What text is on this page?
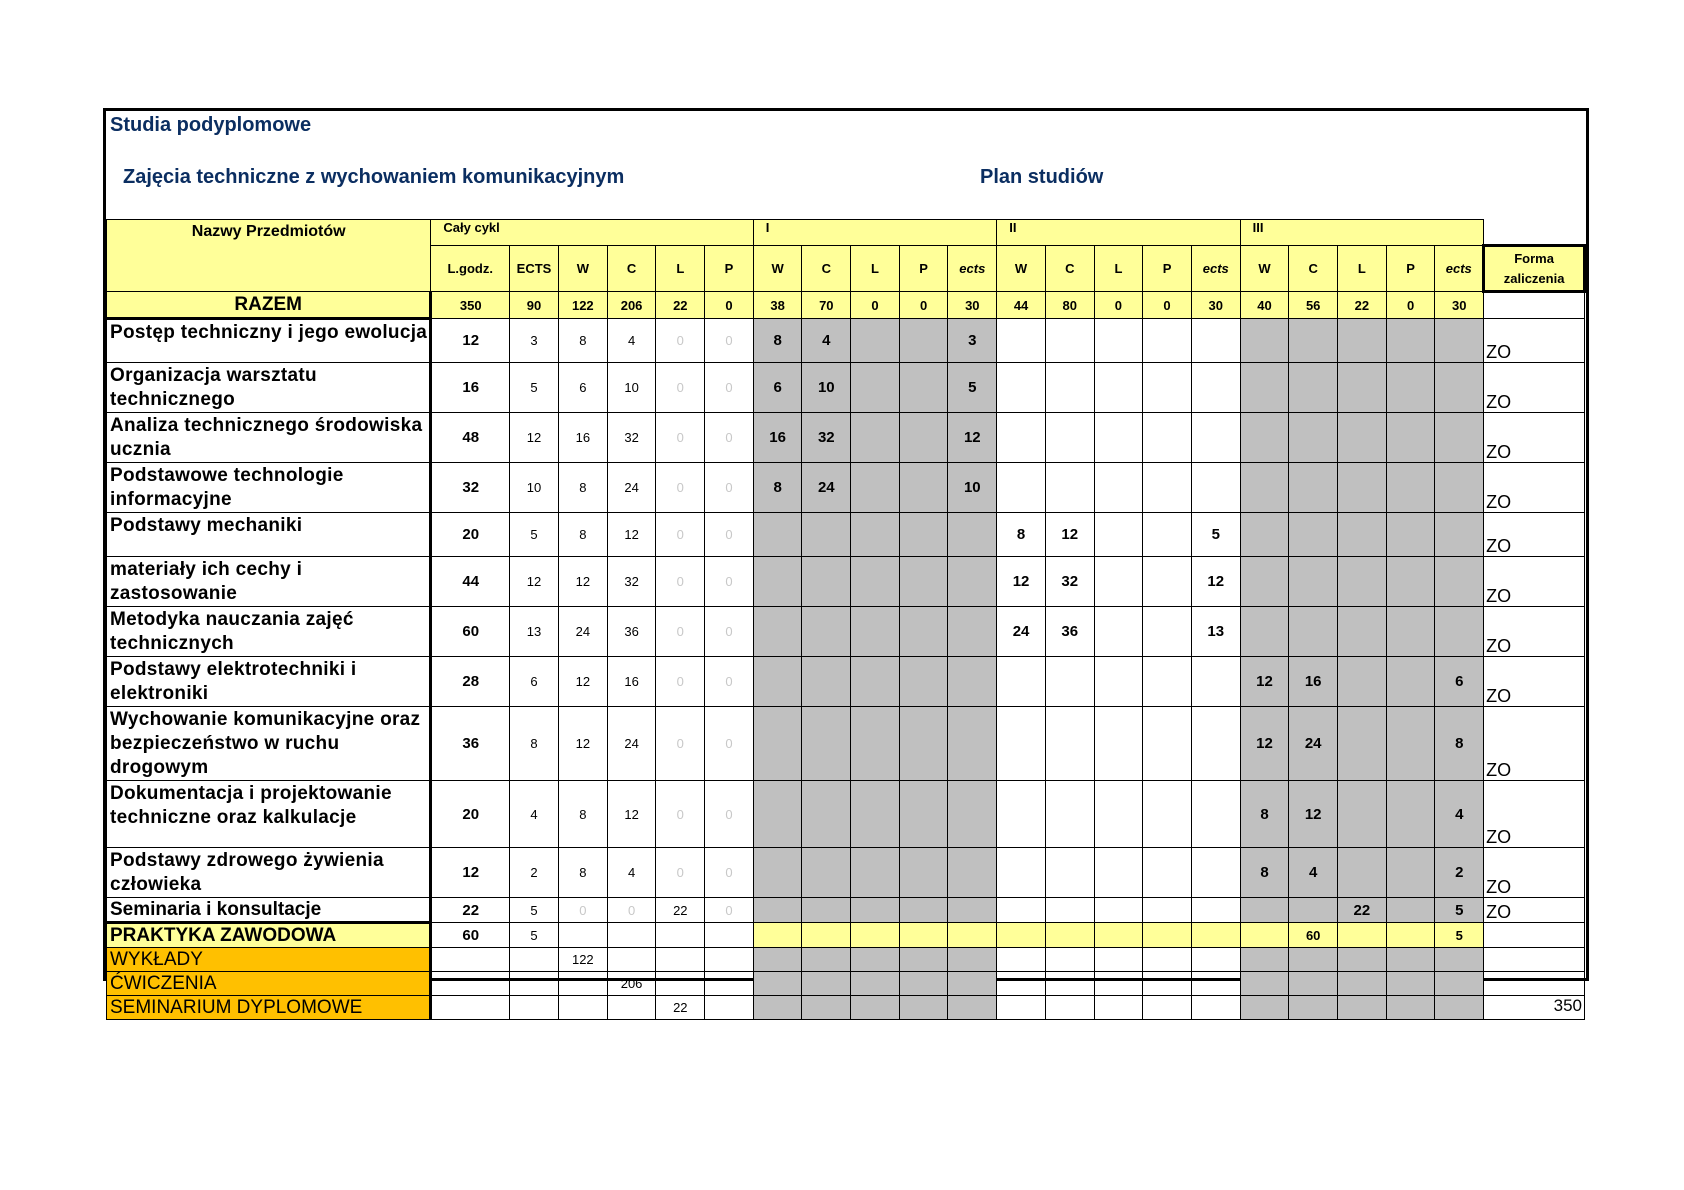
Studia podyplomowe
Zajęcia techniczne z wychowaniem komunikacyjnym	Plan studiów
Nazwy Przedmiotów	Cały cykl						I					II					III					
	L.godz.	ECTS	W	C	L	P	W	C	L	P	ects	W	C	L	P	ects	W	C	L	P	ects	Forma zaliczenia
RAZEM	350	90	122	206	22	0	38	70	0	0	30	44	80	0	0	30	40	56	22	0	30	
Postęp techniczny i jego ewolucja	12	3	8	4	0	0	8	4			3											ZO
Organizacja warsztatu technicznego	16	5	6	10	0	0	6	10			5											ZO
Analiza technicznego środowiska ucznia	48	12	16	32	0	0	16	32			12											ZO
Podstawowe technologie informacyjne	32	10	8	24	0	0	8	24			10											ZO
Podstawy mechaniki	20	5	8	12	0	0						8	12			5						ZO
materiały ich cechy i zastosowanie	44	12	12	32	0	0						12	32			12						ZO
Metodyka nauczania zajęć technicznych	60	13	24	36	0	0						24	36			13						ZO
Podstawy elektrotechniki i elektroniki	28	6	12	16	0	0											12	16			6	ZO
Wychowanie komunikacyjne oraz bezpieczeństwo w ruchu drogowym	36	8	12	24	0	0											12	24			8	ZO
Dokumentacja i projektowanie techniczne oraz kalkulacje	20	4	8	12	0	0											8	12			4	ZO
Podstawy zdrowego żywienia człowieka	12	2	8	4	0	0											8	4			2	ZO
Seminaria i konsultacje	22	5	0	0	22	0													22		5	ZO
PRAKTYKA ZAWODOWA	60	5																60			5	
WYKŁADY			122																			
ĆWICZENIA				206																		
SEMINARIUM DYPLOMOWE					22																	350
